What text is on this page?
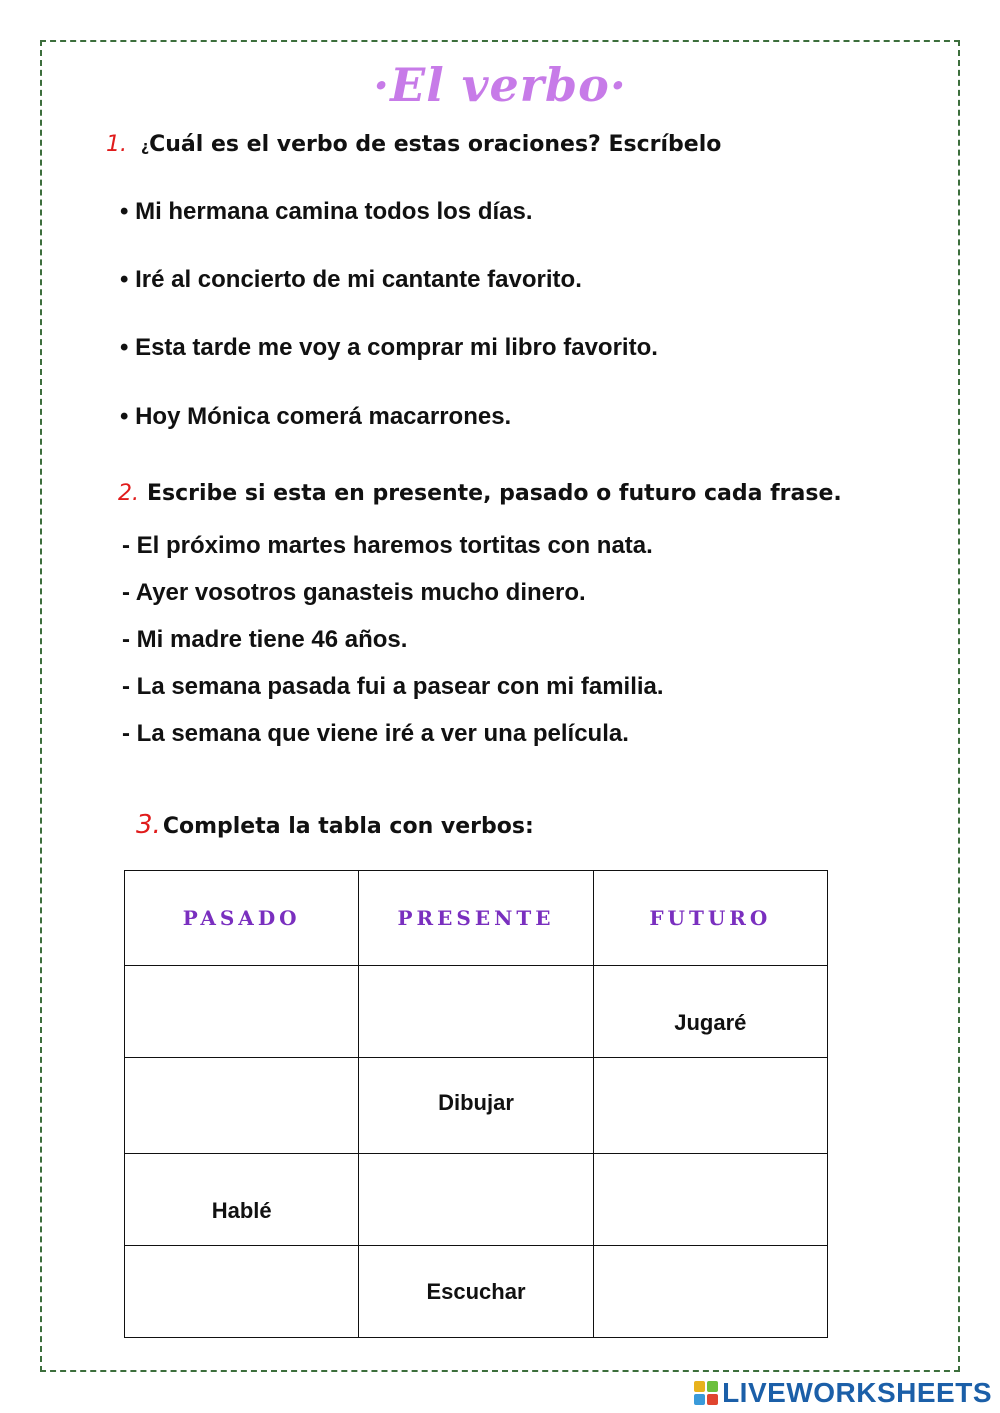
·El verbo·
1. ¿Cuál es el verbo de estas oraciones? Escríbelo
• Mi hermana camina todos los días.
• Iré al concierto de mi cantante favorito.
• Esta tarde me voy a comprar mi libro favorito.
• Hoy Mónica comerá macarrones.
2. Escribe si esta en presente, pasado o futuro cada frase.
- El próximo martes haremos tortitas con nata.
- Ayer vosotros ganasteis mucho dinero.
- Mi madre tiene 46 años.
- La semana pasada fui a pasear con mi familia.
- La semana que viene iré a ver una película.
3.Completa la tabla con verbos:
PASADO	PRESENTE	FUTURO
		Jugaré
	Dibujar	
Hablé		
	Escuchar	
LIVEWORKSHEETS
